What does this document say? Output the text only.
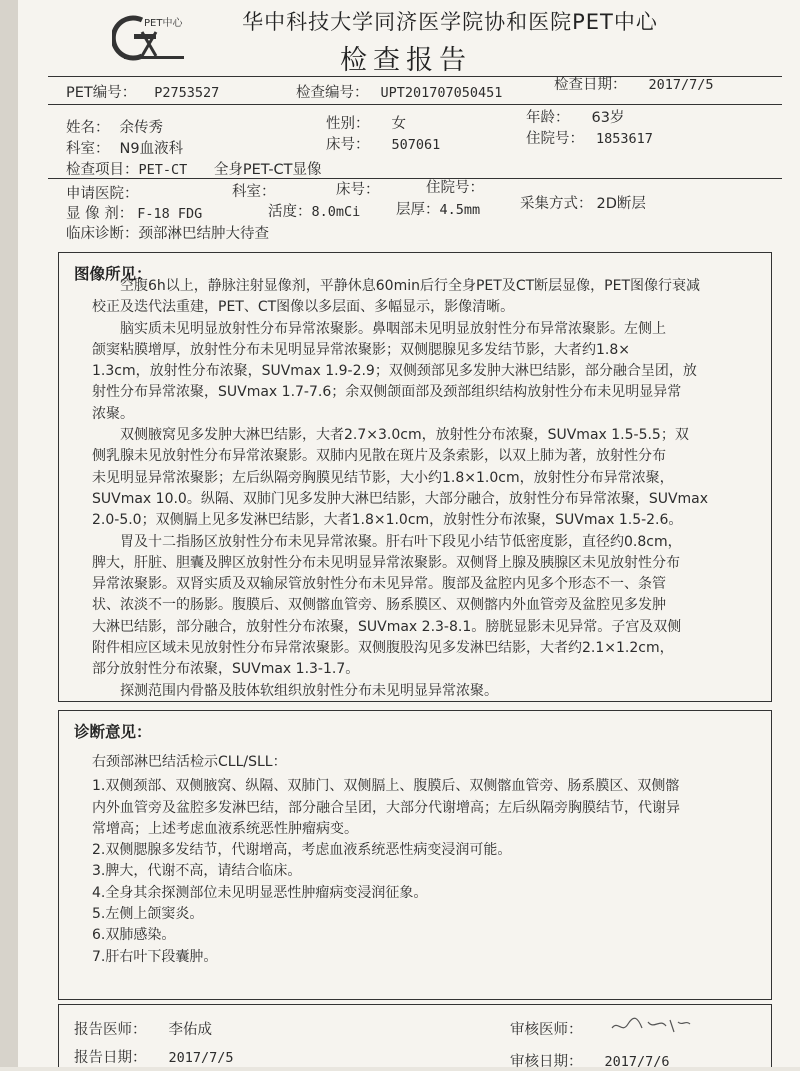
PET中心	华中科技大学同济医学院协和医院PET中心
检查报告
PET编号： P2753527	检查编号： UPT201707050451	检查日期： 2017/7/5
姓名： 余传秀	性别： 女	年龄： 63岁
科室： N9血液科	床号： 507061	住院号： 1853617
检查项目：PET-CT 全身PET-CT显像
申请医院：	科室：	床号：	住院号：
显 像 剂： F-18 FDG	活度：8.0mCi 层厚：4.5mm	采集方式： 2D断层
临床诊断：颈部淋巴结肿大待查
图像所见：
　　空腹6h以上，静脉注射显像剂，平静休息60min后行全身PET及CT断层显像，PET图像行衰减
校正及迭代法重建，PET、CT图像以多层面、多幅显示，影像清晰。
　　脑实质未见明显放射性分布异常浓聚影。鼻咽部未见明显放射性分布异常浓聚影。左侧上
颌窦粘膜增厚，放射性分布未见明显异常浓聚影；双侧腮腺见多发结节影，大者约1.8×
1.3cm，放射性分布浓聚，SUVmax 1.9-2.9；双侧颈部见多发肿大淋巴结影，部分融合呈团，放
射性分布异常浓聚，SUVmax 1.7-7.6；余双侧颌面部及颈部组织结构放射性分布未见明显异常
浓聚。
　　双侧腋窝见多发肿大淋巴结影，大者2.7×3.0cm，放射性分布浓聚，SUVmax 1.5-5.5；双
侧乳腺未见放射性分布异常浓聚影。双肺内见散在斑片及条索影，以双上肺为著，放射性分布
未见明显异常浓聚影；左后纵隔旁胸膜见结节影，大小约1.8×1.0cm，放射性分布异常浓聚，
SUVmax 10.0。纵隔、双肺门见多发肿大淋巴结影，大部分融合，放射性分布异常浓聚，SUVmax
2.0-5.0；双侧膈上见多发淋巴结影，大者1.8×1.0cm，放射性分布浓聚，SUVmax 1.5-2.6。
　　胃及十二指肠区放射性分布未见异常浓聚。肝右叶下段见小结节低密度影，直径约0.8cm，
脾大，肝脏、胆囊及脾区放射性分布未见明显异常浓聚影。双侧肾上腺及胰腺区未见放射性分布
异常浓聚影。双肾实质及双输尿管放射性分布未见异常。腹部及盆腔内见多个形态不一、条管
状、浓淡不一的肠影。腹膜后、双侧髂血管旁、肠系膜区、双侧髂内外血管旁及盆腔见多发肿
大淋巴结影，部分融合，放射性分布浓聚，SUVmax 2.3-8.1。膀胱显影未见异常。子宫及双侧
附件相应区域未见放射性分布异常浓聚影。双侧腹股沟见多发淋巴结影，大者约2.1×1.2cm，
部分放射性分布浓聚，SUVmax 1.3-1.7。
　　探测范围内骨骼及肢体软组织放射性分布未见明显异常浓聚。
诊断意见：
右颈部淋巴结活检示CLL/SLL：
1.双侧颈部、双侧腋窝、纵隔、双肺门、双侧膈上、腹膜后、双侧髂血管旁、肠系膜区、双侧髂
内外血管旁及盆腔多发淋巴结，部分融合呈团，大部分代谢增高；左后纵隔旁胸膜结节，代谢异
常增高；上述考虑血液系统恶性肿瘤病变。
2.双侧腮腺多发结节，代谢增高，考虑血液系统恶性病变浸润可能。
3.脾大，代谢不高，请结合临床。
4.全身其余探测部位未见明显恶性肿瘤病变浸润征象。
5.左侧上颌窦炎。
6.双肺感染。
7.肝右叶下段囊肿。
报告医师： 李佑成	审核医师：
报告日期： 2017/7/5	审核日期： 2017/7/6
